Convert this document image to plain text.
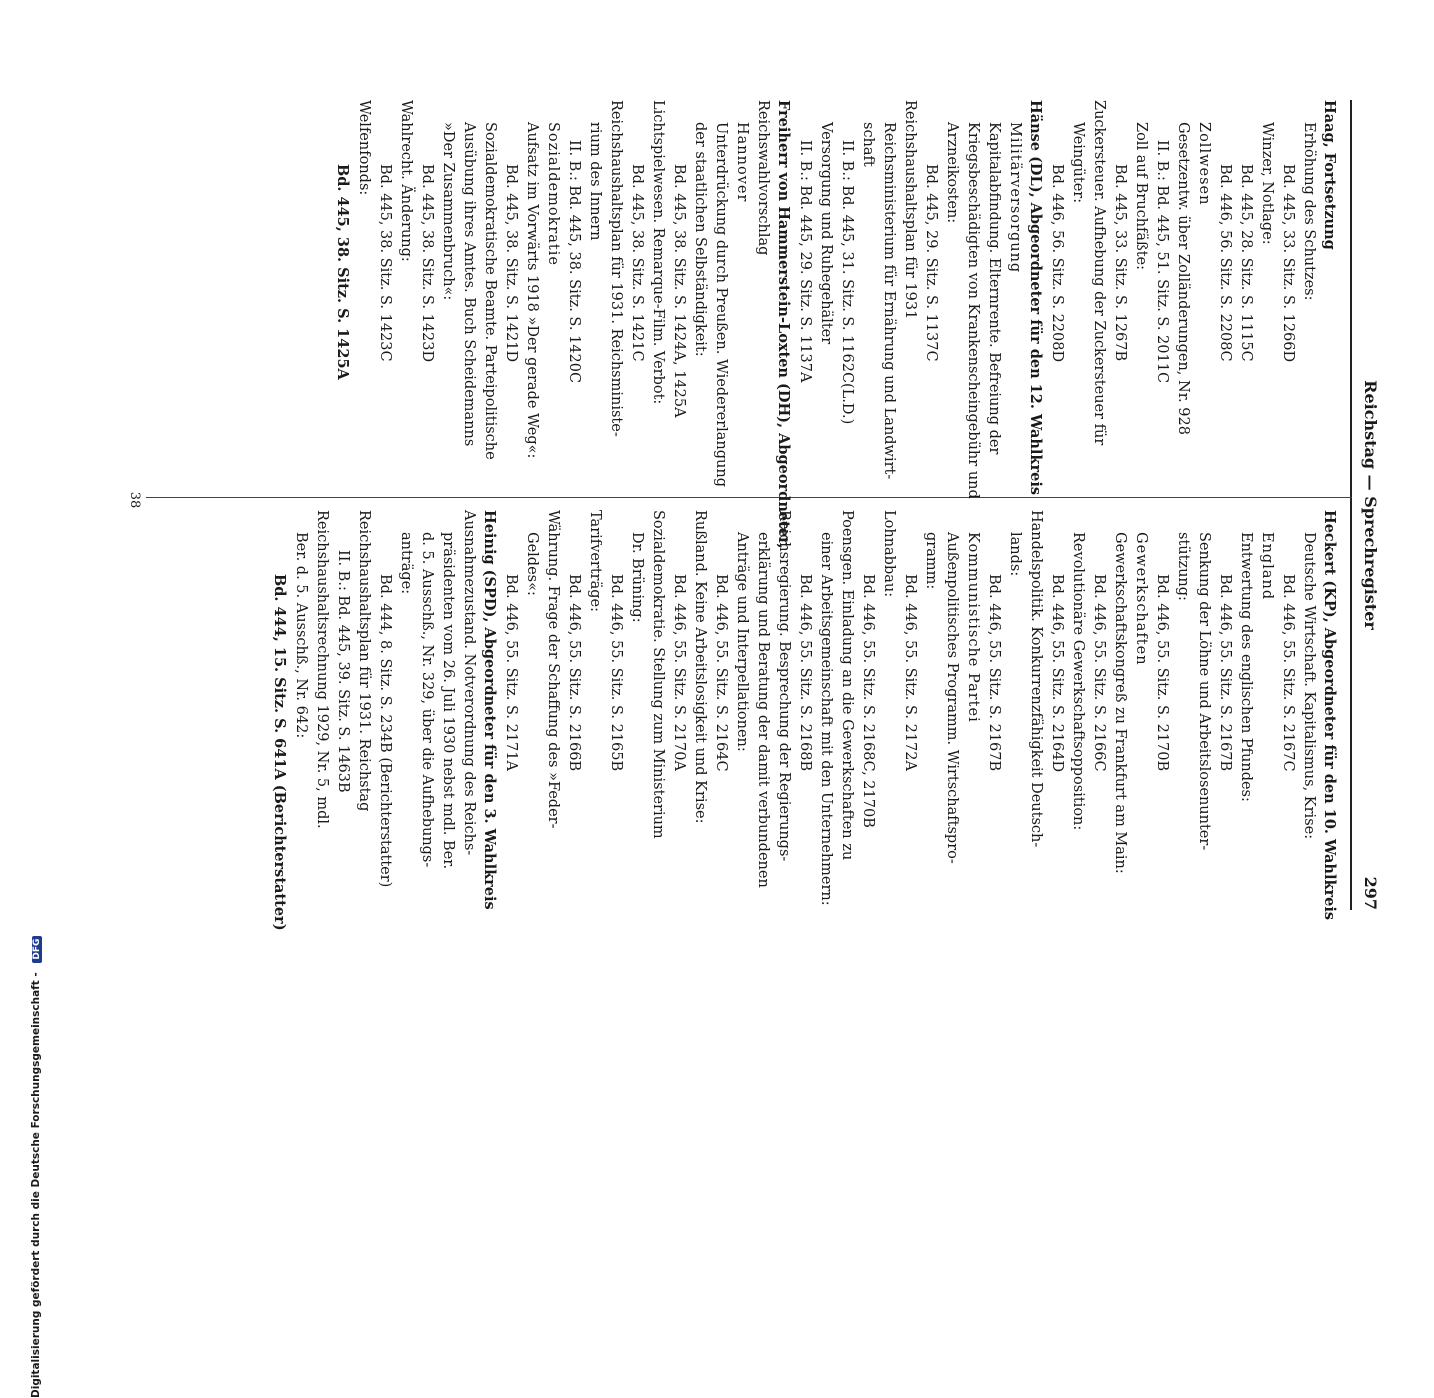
Reichstag — Sprechregister
297
Haag, Fortsetzung
Erhöhung des Schutzes:
Bd. 445, 33. Sitz. S. 1266D
Winzer, Notlage:
Bd. 445, 28. Sitz. S. 1115C
Bd. 446, 56. Sitz. S. 2208C
Zollwesen
Gesetzentw. über Zolländerungen, Nr. 928
II. B.: Bd. 445, 51. Sitz. S. 2011C
Zoll auf Bruchfäßte:
Bd. 445, 33. Sitz. S. 1267B
Zuckersteuer. Aufhebung der Zuckersteuer für
Weingüter:
Bd. 446, 56. Sitz. S. 2208D
Hänse (DL), Abgeordneter für den 12. Wahlkreis
Militärversorgung
Kapitalabfindung. Elternrente. Befreiung der
Kriegsbeschädigten von Krankenscheingebühr und
Arzneikosten:
Bd. 445, 29. Sitz. S. 1137C
Reichshaushaltsplan für 1931
Reichsministerium für Ernährung und Landwirt-
schaft
II. B.: Bd. 445, 31. Sitz. S. 1162C(L.D.)
Versorgung und Ruhegehälter
II. B.: Bd. 445, 29. Sitz. S. 1137A
Freiherr von Hammerstein-Loxten (DH), Abgeordneter,
Reichswahlvorschlag
Hannover
Unterdrückung durch Preußen. Wiedererlangung
der staatlichen Selbständigkeit:
Bd. 445, 38. Sitz. S. 1424A, 1425A
Lichtspielwesen. Remarque-Film. Verbot:
Bd. 445, 38. Sitz. S. 1421C
Reichshaushaltsplan für 1931. Reichsministe-
rium des Innern
II. B.: Bd. 445, 38. Sitz. S. 1420C
Sozialdemokratie
Aufsatz im Vorwärts 1918 »Der gerade Weg«:
Bd. 445, 38. Sitz. S. 1421D
Sozialdemokratische Beamte. Parteipolitische
Ausübung ihres Amtes. Buch Scheidemanns
»Der Zusammenbruch«:
Bd. 445, 38. Sitz. S. 1423D
Wahlrecht. Änderung:
Bd. 445, 38. Sitz. S. 1423C
Welfenfonds:
Bd. 445, 38. Sitz. S. 1425A
Heckert (KP), Abgeordneter für den 10. Wahlkreis
Deutsche Wirtschaft. Kapitalismus, Krise:
Bd. 446, 55. Sitz. S. 2167C
England
Entwertung des englischen Pfundes:
Bd. 446, 55. Sitz. S. 2167B
Senkung der Löhne und Arbeitslosenunter-
stützung:
Bd. 446, 55. Sitz. S. 2170B
Gewerkschaften
Gewerkschaftskongreß zu Frankfurt am Main:
Bd. 446, 55. Sitz. S. 2166C
Revolutionäre Gewerkschaftsopposition:
Bd. 446, 55. Sitz. S. 2164D
Handelspolitik. Konkurrenzfähigkeit Deutsch-
lands:
Bd. 446, 55. Sitz. S. 2167B
Kommunistische Partei
Außenpolitisches Programm. Wirtschaftspro-
gramm:
Bd. 446, 55. Sitz. S. 2172A
Lohnabbau:
Bd. 446, 55. Sitz. S. 2168C, 2170B
Poensgen. Einladung an die Gewerkschaften zu
einer Arbeitsgemeinschaft mit den Unternehmern:
Bd. 446, 55. Sitz. S. 2168B
Reichsregierung. Besprechung der Regierungs-
erklärung und Beratung der damit verbundenen
Anträge und Interpellationen:
Bd. 446, 55. Sitz. S. 2164C
Rußland. Keine Arbeitslosigkeit und Krise:
Bd. 446, 55. Sitz. S. 2170A
Sozialdemokratie. Stellung zum Ministerium
Dr. Brüning:
Bd. 446, 55. Sitz. S. 2165B
Tarifverträge:
Bd. 446, 55. Sitz. S. 2166B
Währung. Frage der Schaffung des »Feder-
Geldes«:
Bd. 446, 55. Sitz. S. 2171A
Heinig (SPD), Abgeordneter für den 3. Wahlkreis
Ausnahmezustand. Notverordnung des Reichs-
präsidenten vom 26. Juli 1930 nebst mdl. Ber.
d. 5. Ausschß., Nr. 329, über die Aufhebungs-
anträge:
Bd. 444, 8. Sitz. S. 234B (Berichterstatter)
Reichshaushaltsplan für 1931. Reichstag
II. B.: Bd. 445, 39. Sitz. S. 1463B
Reichshaushaltsrechnung 1929, Nr. 5, mdl.
Ber. d. 5. Ausschß., Nr. 642:
Bd. 444, 15. Sitz. S. 641A (Berichterstatter)
38
Digitalisierung gefördert durch die Deutsche Forschungsgemeinschaft - DFG
